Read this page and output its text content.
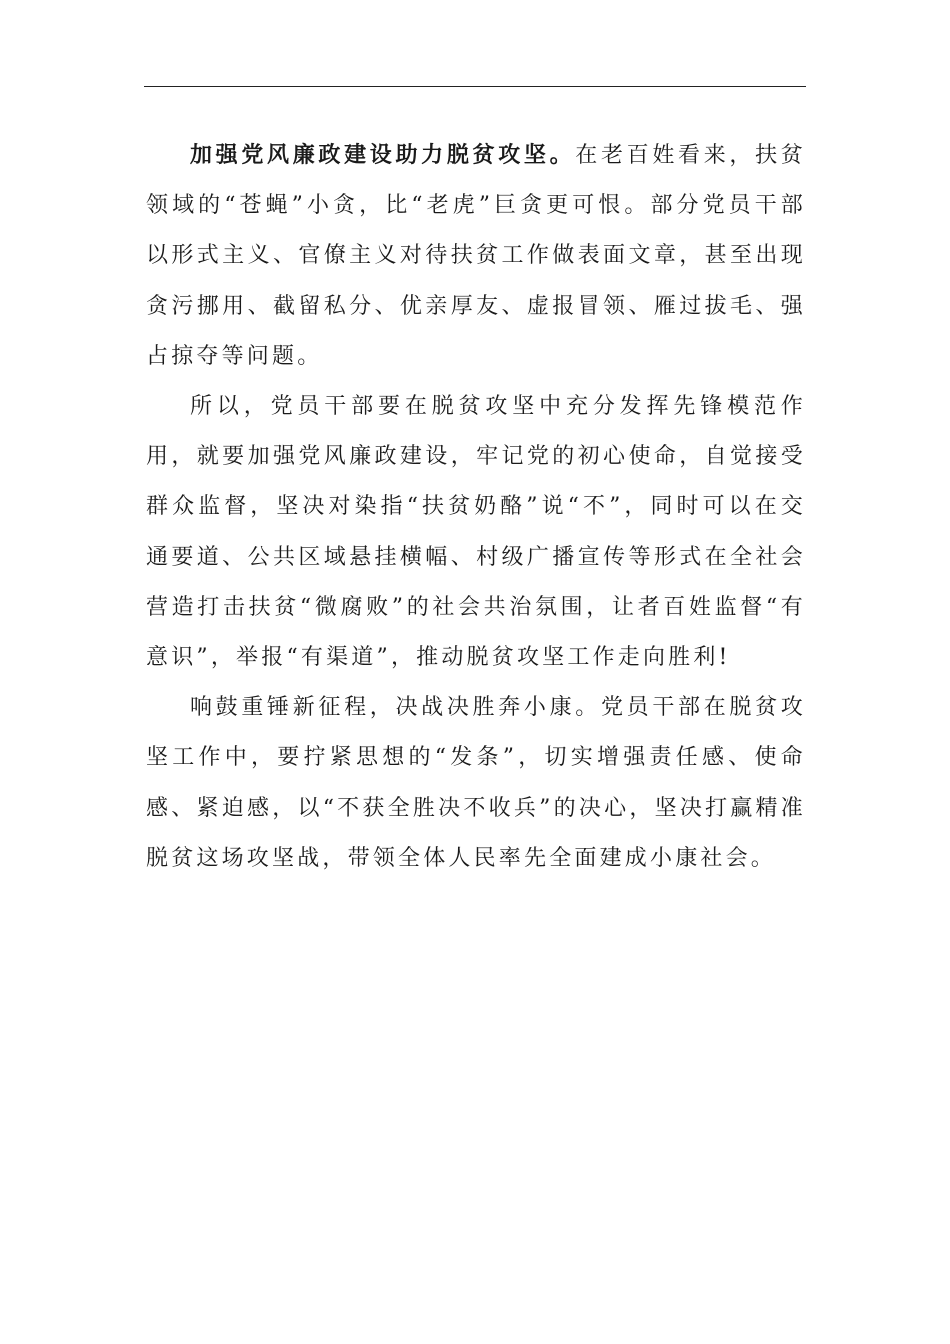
加强党风廉政建设助力脱贫攻坚。在老百姓看来，扶贫领域的“苍蝇”小贪，比“老虎”巨贪更可恨。部分党员干部以形式主义、官僚主义对待扶贫工作做表面文章，甚至出现贪污挪用、截留私分、优亲厚友、虚报冒领、雁过拔毛、强占掠夺等问题。

所以，党员干部要在脱贫攻坚中充分发挥先锋模范作用，就要加强党风廉政建设，牢记党的初心使命，自觉接受群众监督，坚决对染指“扶贫奶酪”说“不”，同时可以在交通要道、公共区域悬挂横幅、村级广播宣传等形式在全社会营造打击扶贫“微腐败”的社会共治氛围，让者百姓监督“有意识”，举报“有渠道”，推动脱贫攻坚工作走向胜利!

响鼓重锤新征程，决战决胜奔小康。党员干部在脱贫攻坚工作中，要拧紧思想的“发条”，切实增强责任感、使命感、紧迫感，以“不获全胜决不收兵”的决心，坚决打赢精准脱贫这场攻坚战，带领全体人民率先全面建成小康社会。
